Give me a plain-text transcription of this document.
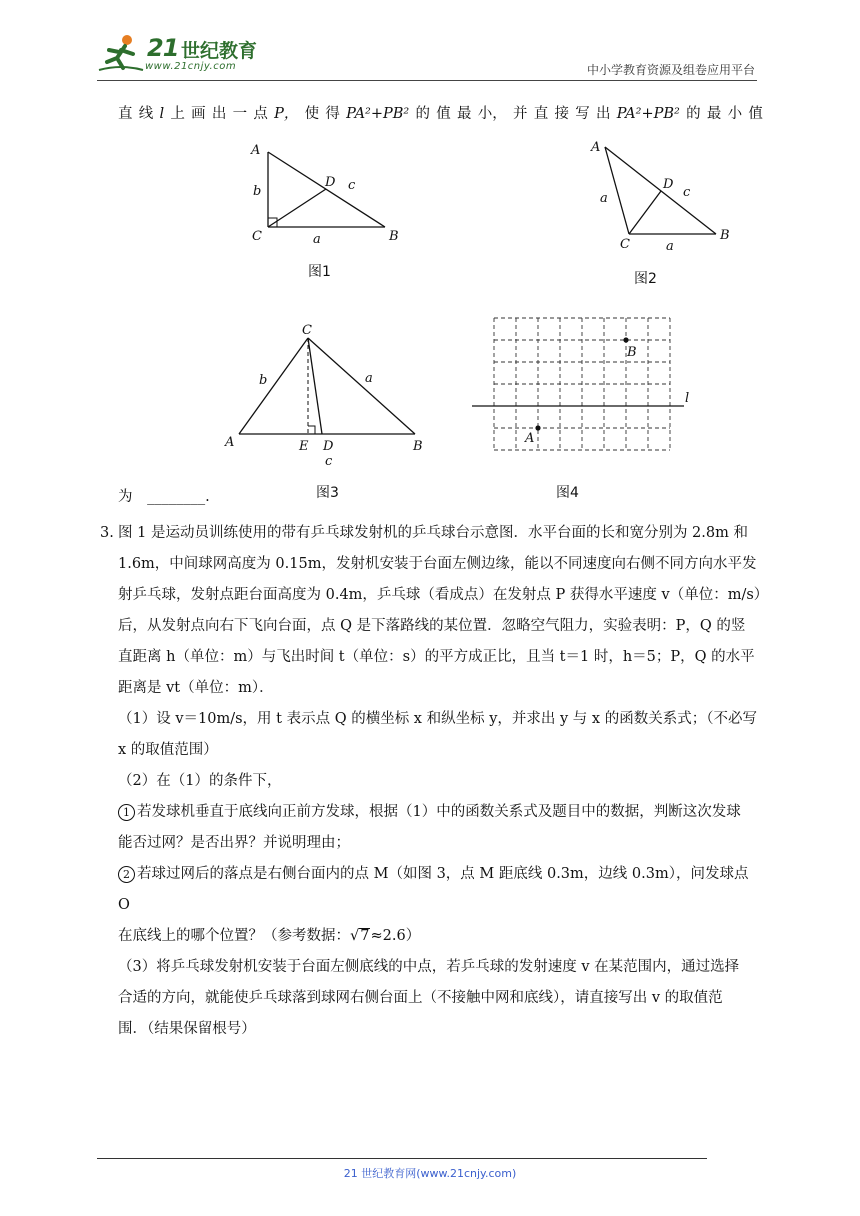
21 世纪教育
www.21cnjy.com	中小学教育资源及组卷应用平台
直 线 l 上 画 出 一 点 P， 使 得 PA²+PB² 的 值 最 小， 并 直 接 写 出 PA²+PB² 的 最 小 值
A
b
D c
C	a	B
图1
A
a
D
c
C	a
B
图2
C
b	a
A	E D
c
B
图3
B
A
l
图4
为 ________.
3. 图 1 是运动员训练使用的带有乒乓球发射机的乒乓球台示意图．水平台面的长和宽分别为 2.8m 和
1.6m，中间球网高度为 0.15m，发射机安装于台面左侧边缘，能以不同速度向右侧不同方向水平发
射乒乓球，发射点距台面高度为 0.4m，乒乓球（看成点）在发射点 P 获得水平速度 v（单位：m/s）
后，从发射点向右下飞向台面，点 Q 是下落路线的某位置．忽略空气阻力，实验表明：P，Q 的竖
直距离 h（单位：m）与飞出时间 t（单位：s）的平方成正比，且当 t＝1 时，h＝5；P，Q 的水平
距离是 vt（单位：m）．
（1）设 v＝10m/s，用 t 表示点 Q 的横坐标 x 和纵坐标 y，并求出 y 与 x 的函数关系式；（不必写
x 的取值范围）
（2）在（1）的条件下，
1 若发球机垂直于底线向正前方发球，根据（1）中的函数关系式及题目中的数据，判断这次发球
能否过网？是否出界？并说明理由；
2 若球过网后的落点是右侧台面内的点 M（如图 3，点 M 距底线 0.3m，边线 0.3m），问发球点 O
在底线上的哪个位置？（参考数据：√7≈2.6）
（3）将乒乓球发射机安装于台面左侧底线的中点，若乒乓球的发射速度 v 在某范围内，通过选择
合适的方向，就能使乒乓球落到球网右侧台面上（不接触中网和底线），请直接写出 v 的取值范
围．（结果保留根号）
21 世纪教育网(www.21cnjy.com)
